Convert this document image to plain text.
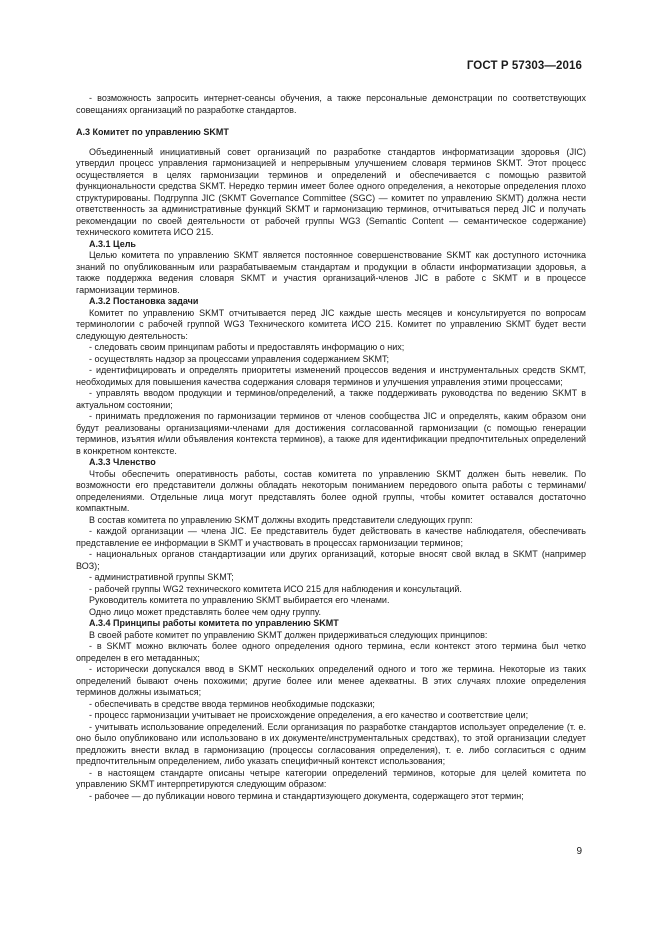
ГОСТ Р 57303—2016

- возможность запросить интернет-сеансы обучения, а также персональные демонстрации по соответствующих совещаниях организаций по разработке стандартов.

А.3 Комитет по управлению SKMT

Объединенный инициативный совет организаций по разработке стандартов информатизации здоровья (JIC) утвердил процесс управления гармонизацией и непрерывным улучшением словаря терминов SKMT. Этот процесс осуществляется в целях гармонизации терминов и определений и обеспечивается с помощью развитой функциональности средства SKMT. Нередко термин имеет более одного определения, а некоторые определения плохо структурированы. Подгруппа JIC (SKMT Governance Committee (SGC) — комитет по управлению SKMT) должна нести ответственность за административные функций SKMT и гармонизацию терминов, отчитываться перед JIC и получать рекомендации по своей деятельности от рабочей группы WG3 (Semantic Content — семантическое содержание) технического комитета ИСО 215.

А.3.1 Цель

Целью комитета по управлению SKMT является постоянное совершенствование SKMT как доступного источника знаний по опубликованным или разрабатываемым стандартам и продукции в области информатизации здоровья, а также поддержка ведения словаря SKMT и участия организаций-членов JIC в работе с SKMT и в процессе гармонизации терминов.

А.3.2 Постановка задачи

Комитет по управлению SKMT отчитывается перед JIC каждые шесть месяцев и консультируется по вопросам терминологии с рабочей группой WG3 Технического комитета ИСО 215. Комитет по управлению SKMT будет вести следующую деятельность:

- следовать своим принципам работы и предоставлять информацию о них;

- осуществлять надзор за процессами управления содержанием SKMT;

- идентифицировать и определять приоритеты изменений процессов ведения и инструментальных средств SKMT, необходимых для повышения качества содержания словаря терминов и улучшения управления этими процессами;

- управлять вводом продукции и терминов/определений, а также поддерживать руководства по ведению SKMT в актуальном состоянии;

- принимать предложения по гармонизации терминов от членов сообщества JIC и определять, каким образом они будут реализованы организациями-членами для достижения согласованной гармонизации (с помощью генерации терминов, изъятия и/или объявления контекста терминов), а также для идентификации предпочтительных определений в конкретном контексте.

А.3.3 Членство

Чтобы обеспечить оперативность работы, состав комитета по управлению SKMT должен быть невелик. По возможности его представители должны обладать некоторым пониманием передового опыта работы с терминами/определениями. Отдельные лица могут представлять более одной группы, чтобы комитет оставался достаточно компактным.

В состав комитета по управлению SKMT должны входить представители следующих групп:

- каждой организации — члена JIC. Ее представитель будет действовать в качестве наблюдателя, обеспечивать представление ее информации в SKMT и участвовать в процессах гармонизации терминов;

- национальных органов стандартизации или других организаций, которые вносят свой вклад в SKMT (например ВОЗ);

- административной группы SKMT;

- рабочей группы WG2 технического комитета ИСО 215 для наблюдения и консультаций.

Руководитель комитета по управлению SKMT выбирается его членами.

Одно лицо может представлять более чем одну группу.

А.3.4 Принципы работы комитета по управлению SKMT

В своей работе комитет по управлению SKMT должен придерживаться следующих принципов:

- в SKMT можно включать более одного определения одного термина, если контекст этого термина был четко определен в его метаданных;

- исторически допускался ввод в SKMT нескольких определений одного и того же термина. Некоторые из таких определений бывают очень похожими; другие более или менее адекватны. В этих случаях плохие определения терминов должны изыматься;

- обеспечивать в средстве ввода терминов необходимые подсказки;

- процесс гармонизации учитывает не происхождение определения, а его качество и соответствие цели;

- учитывать использование определений. Если организация по разработке стандартов использует определение (т. е. оно было опубликовано или использовано в их документе/инструментальных средствах), то этой организации следует предложить внести вклад в гармонизацию (процессы согласования определения), т. е. либо согласиться с одним предпочтительным определением, либо указать специфичный контекст использования;

- в настоящем стандарте описаны четыре категории определений терминов, которые для целей комитета по управлению SKMT интерпретируются следующим образом:

- рабочее — до публикации нового термина и стандартизующего документа, содержащего этот термин;

9
